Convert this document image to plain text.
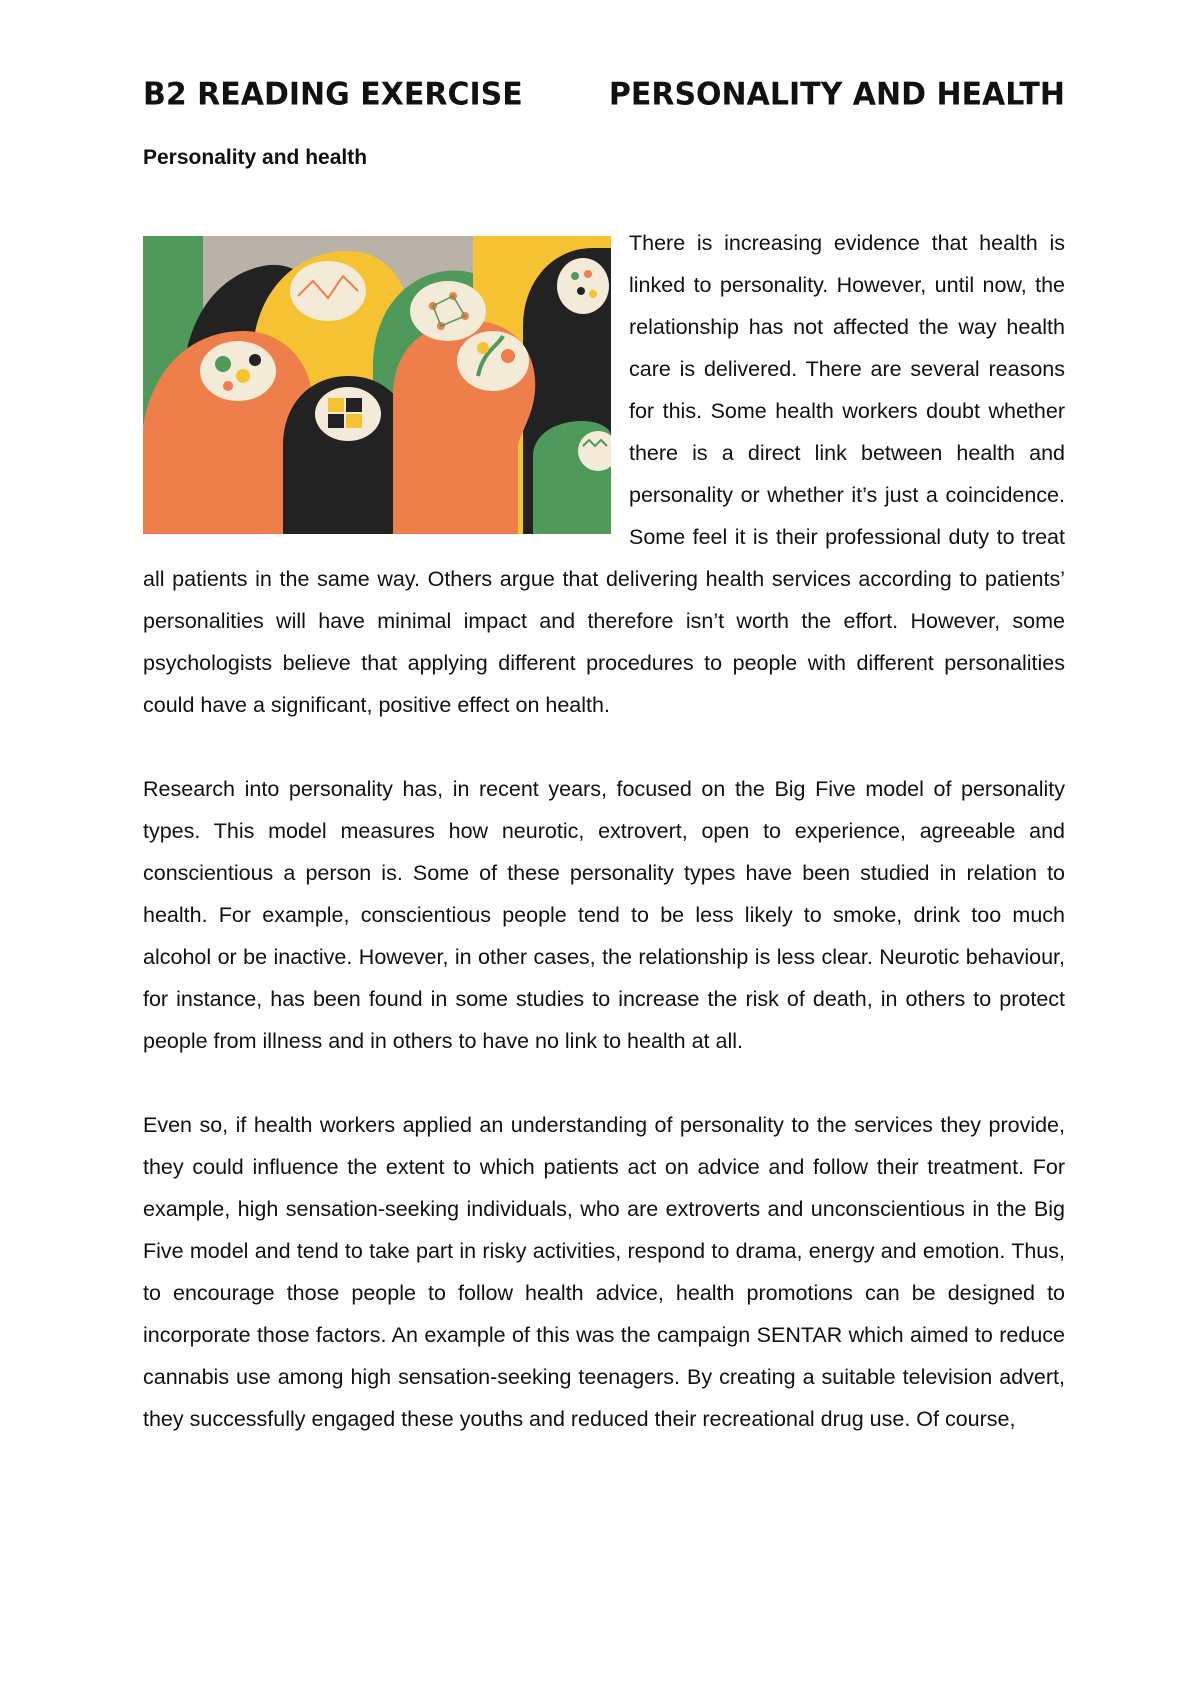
B2 READING EXERCISE	PERSONALITY AND HEALTH
Personality and health

There is increasing evidence that health is linked to personality. However, until now, the relationship has not affected the way health care is delivered. There are several reasons for this. Some health workers doubt whether there is a direct link between health and personality or whether it’s just a coincidence. Some feel it is their professional duty to treat all patients in the same way. Others argue that delivering health services according to patients’ personalities will have minimal impact and therefore isn’t worth the effort. However, some psychologists believe that applying different procedures to people with different personalities could have a significant, positive effect on health.

Research into personality has, in recent years, focused on the Big Five model of personality types. This model measures how neurotic, extrovert, open to experience, agreeable and conscientious a person is. Some of these personality types have been studied in relation to health. For example, conscientious people tend to be less likely to smoke, drink too much alcohol or be inactive. However, in other cases, the relationship is less clear. Neurotic behaviour, for instance, has been found in some studies to increase the risk of death, in others to protect people from illness and in others to have no link to health at all.

Even so, if health workers applied an understanding of personality to the services they provide, they could influence the extent to which patients act on advice and follow their treatment. For example, high sensation-seeking individuals, who are extroverts and unconscientious in the Big Five model and tend to take part in risky activities, respond to drama, energy and emotion. Thus, to encourage those people to follow health advice, health promotions can be designed to incorporate those factors. An example of this was the campaign SENTAR which aimed to reduce cannabis use among high sensation-seeking teenagers. By creating a suitable television advert, they successfully engaged these youths and reduced their recreational drug use. Of course,
